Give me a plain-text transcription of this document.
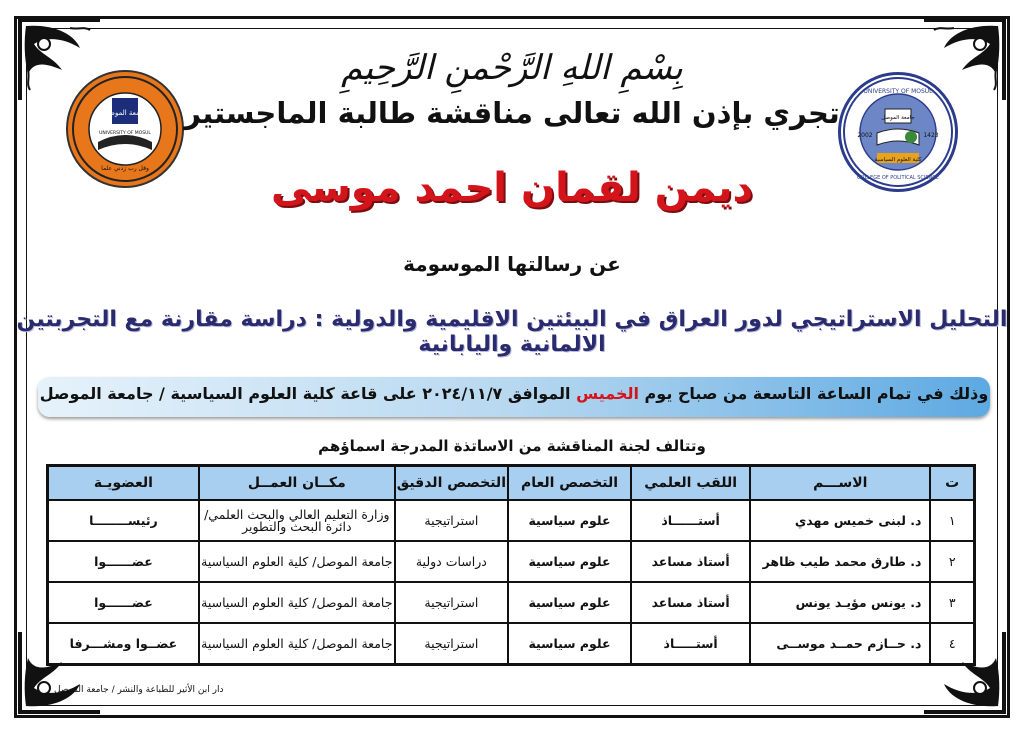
جامعة الموصل
وقل رب زدني علما
UNIVERSITY OF MOSUL
UNIVERSITY OF MOSUL
COLLEGE OF POLITICAL SCIENCE
جامعة الموصل
2002	1423
كلية العلوم السياسية
بِسْمِ اللهِ الرَّحْمنِ الرَّحِيمِ
تجري بإذن الله تعالى مناقشة طالبة الماجستير
ديمن لقمان احمد موسى
عن رسالتها الموسومة
التحليل الاستراتيجي لدور العراق في البيئتين الاقليمية والدولية : دراسة مقارنة مع التجربتين الالمانية واليابانية
وذلك في تمام الساعة التاسعة من صباح يوم الخميس الموافق ٢٠٢٤/١١/٧ على قاعة كلية العلوم السياسية / جامعة الموصل
وتتالف لجنة المناقشة من الاساتذة المدرجة اسماؤهم
ت	الاســـم	اللقب العلمي	التخصص العام	التخصص الدقيق	مكــان العمــل	العضويـة
١	د. لبنى خميس مهدي	أستــــــاذ	علوم سياسية	استراتيجية	وزارة التعليم العالي والبحث العلمي/ دائرة البحث والتطوير	رئيســــــــا
٢	د. طارق محمد طيب ظاهر	أستاذ مساعد	علوم سياسية	دراسات دولية	جامعة الموصل/ كلية العلوم السياسية	عضــــــوا
٣	د. يونس مؤيـد يونس	أستاذ مساعد	علوم سياسية	استراتيجية	جامعة الموصل/ كلية العلوم السياسية	عضــــــوا
٤	د. حــازم حمــد موســى	أستـــــاذ	علوم سياسية	استراتيجية	جامعة الموصل/ كلية العلوم السياسية	عضــوا ومشـــرفا
دار ابن الأثير للطباعة والنشر / جامعة الموصل
